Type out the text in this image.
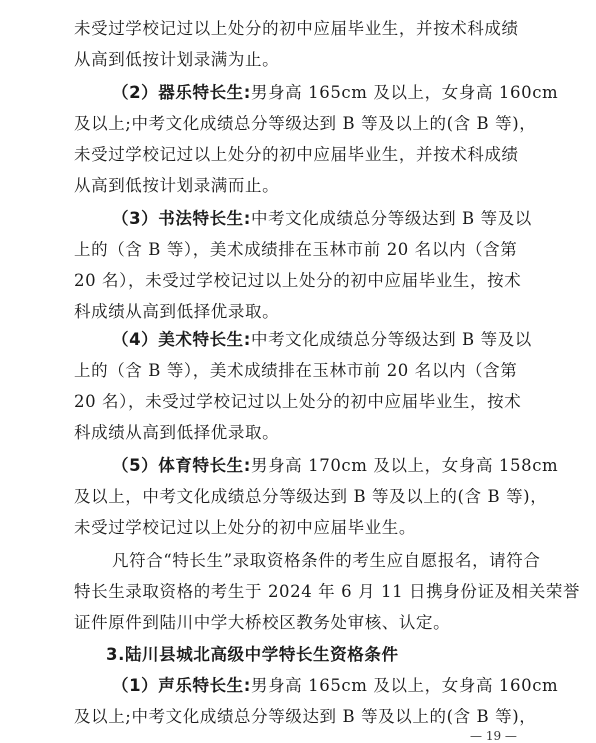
未受过学校记过以上处分的初中应届毕业生，并按术科成绩
从高到低按计划录满为止。
（2）器乐特长生:男身高 165cm 及以上，女身高 160cm
及以上;中考文化成绩总分等级达到 B 等及以上的(含 B 等)，
未受过学校记过以上处分的初中应届毕业生，并按术科成绩
从高到低按计划录满而止。
（3）书法特长生:中考文化成绩总分等级达到 B 等及以
上的（含 B 等），美术成绩排在玉林市前 20 名以内（含第
20 名），未受过学校记过以上处分的初中应届毕业生，按术
科成绩从高到低择优录取。
（4）美术特长生:中考文化成绩总分等级达到 B 等及以
上的（含 B 等），美术成绩排在玉林市前 20 名以内（含第
20 名），未受过学校记过以上处分的初中应届毕业生，按术
科成绩从高到低择优录取。
（5）体育特长生:男身高 170cm 及以上，女身高 158cm
及以上，中考文化成绩总分等级达到 B 等及以上的(含 B 等)，
未受过学校记过以上处分的初中应届毕业生。
凡符合“特长生”录取资格条件的考生应自愿报名，请符合
特长生录取资格的考生于 2024 年 6 月 11 日携身份证及相关荣誉
证件原件到陆川中学大桥校区教务处审核、认定。
3.陆川县城北高级中学特长生资格条件
（1）声乐特长生:男身高 165cm 及以上，女身高 160cm
及以上;中考文化成绩总分等级达到 B 等及以上的(含 B 等)，
— 19 —
